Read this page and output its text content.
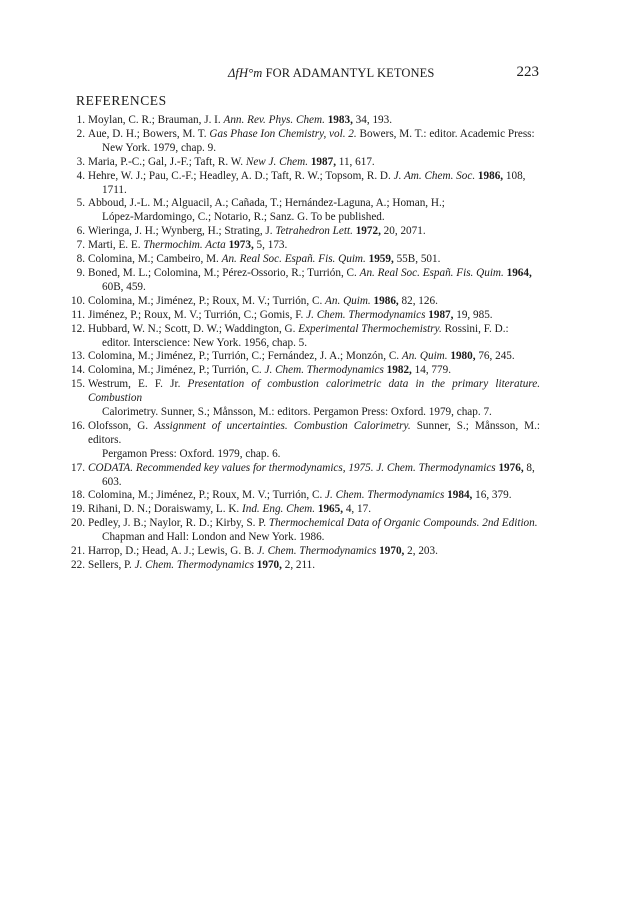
ΔfH°m FOR ADAMANTYL KETONES	223
REFERENCES
1. Moylan, C. R.; Brauman, J. I. Ann. Rev. Phys. Chem. 1983, 34, 193.
2. Aue, D. H.; Bowers, M. T. Gas Phase Ion Chemistry, vol. 2. Bowers, M. T.: editor. Academic Press:
New York. 1979, chap. 9.
3. Maria, P.-C.; Gal, J.-F.; Taft, R. W. New J. Chem. 1987, 11, 617.
4. Hehre, W. J.; Pau, C.-F.; Headley, A. D.; Taft, R. W.; Topsom, R. D. J. Am. Chem. Soc. 1986, 108,
1711.
5. Abboud, J.-L. M.; Alguacil, A.; Cañada, T.; Hernández-Laguna, A.; Homan, H.;
López-Mardomingo, C.; Notario, R.; Sanz. G. To be published.
6. Wieringa, J. H.; Wynberg, H.; Strating, J. Tetrahedron Lett. 1972, 20, 2071.
7. Marti, E. E. Thermochim. Acta 1973, 5, 173.
8. Colomina, M.; Cambeiro, M. An. Real Soc. Españ. Fis. Quim. 1959, 55B, 501.
9. Boned, M. L.; Colomina, M.; Pérez-Ossorio, R.; Turrión, C. An. Real Soc. Españ. Fis. Quim. 1964,
60B, 459.
10. Colomina, M.; Jiménez, P.; Roux, M. V.; Turrión, C. An. Quim. 1986, 82, 126.
11. Jiménez, P.; Roux, M. V.; Turrión, C.; Gomis, F. J. Chem. Thermodynamics 1987, 19, 985.
12. Hubbard, W. N.; Scott, D. W.; Waddington, G. Experimental Thermochemistry. Rossini, F. D.:
editor. Interscience: New York. 1956, chap. 5.
13. Colomina, M.; Jiménez, P.; Turrión, C.; Fernández, J. A.; Monzón, C. An. Quim. 1980, 76, 245.
14. Colomina, M.; Jiménez, P.; Turrión, C. J. Chem. Thermodynamics 1982, 14, 779.
15. Westrum, E. F. Jr. Presentation of combustion calorimetric data in the primary literature. Combustion
Calorimetry. Sunner, S.; Månsson, M.: editors. Pergamon Press: Oxford. 1979, chap. 7.
16. Olofsson, G. Assignment of uncertainties. Combustion Calorimetry. Sunner, S.; Månsson, M.: editors.
Pergamon Press: Oxford. 1979, chap. 6.
17. CODATA. Recommended key values for thermodynamics, 1975. J. Chem. Thermodynamics 1976, 8,
603.
18. Colomina, M.; Jiménez, P.; Roux, M. V.; Turrión, C. J. Chem. Thermodynamics 1984, 16, 379.
19. Rihani, D. N.; Doraiswamy, L. K. Ind. Eng. Chem. 1965, 4, 17.
20. Pedley, J. B.; Naylor, R. D.; Kirby, S. P. Thermochemical Data of Organic Compounds. 2nd Edition.
Chapman and Hall: London and New York. 1986.
21. Harrop, D.; Head, A. J.; Lewis, G. B. J. Chem. Thermodynamics 1970, 2, 203.
22. Sellers, P. J. Chem. Thermodynamics 1970, 2, 211.
